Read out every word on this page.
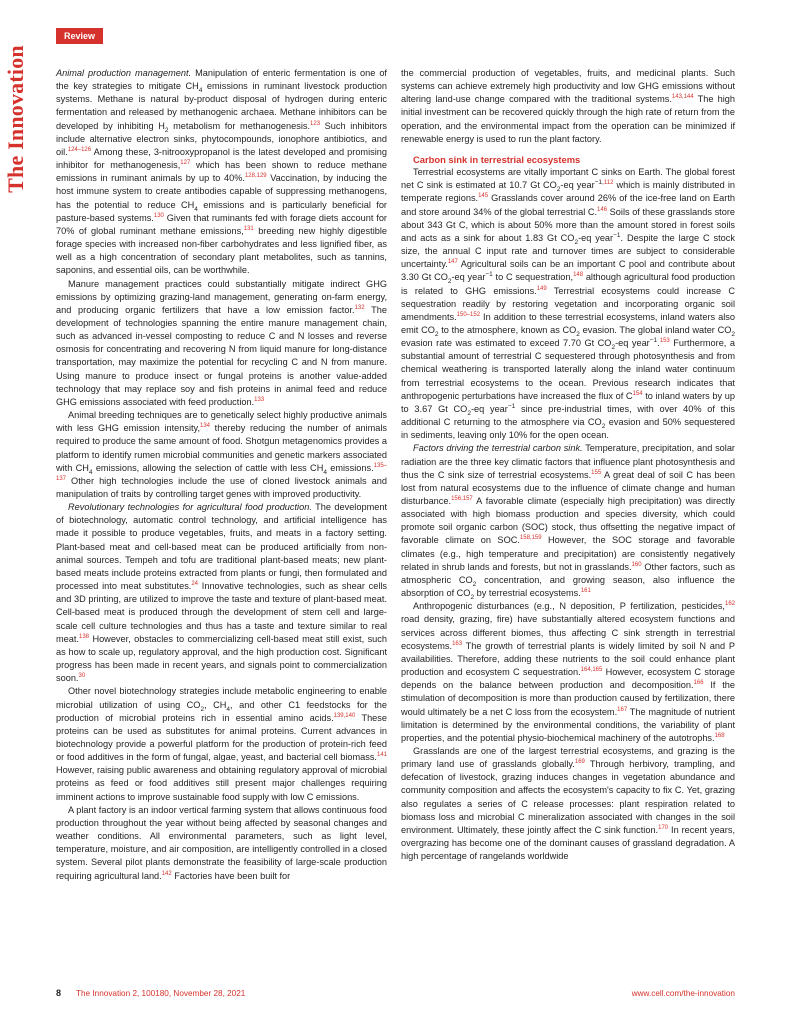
The Innovation
Review

Animal production management. Manipulation of enteric fermentation is one of the key strategies to mitigate $CH_4$ emissions in ruminant livestock production systems. Methane is natural by-product disposal of hydrogen during enteric fermentation and released by methanogenic archaea. Methane inhibitors can be developed by inhibiting $H_2$ metabolism for methanogenesis.$^{123}$ Such inhibitors include alternative electron sinks, phytocompounds, ionophore antibiotics, and oil.$^{124-126}$ Among these, 3-nitrooxypropanol is the latest developed and promising inhibitor for methanogenesis,$^{127}$ which has been shown to reduce methane emissions in ruminant animals by up to 40%.$^{128,129}$ Vaccination, by inducing the host immune system to create antibodies capable of suppressing methanogens, has the potential to reduce $CH_4$ emissions and is particularly beneficial for pasture-based systems.$^{130}$ Given that ruminants fed with forage diets account for 70% of global ruminant methane emissions,$^{131}$ breeding new highly digestible forage species with increased non-fiber carbohydrates and less lignified fiber, as well as a high concentration of secondary plant metabolites, such as tannins, saponins, and essential oils, can be worthwhile.

Manure management practices could substantially mitigate indirect GHG emissions by optimizing grazing-land management, generating on-farm energy, and producing organic fertilizers that have a low emission factor.$^{132}$ The development of technologies spanning the entire manure management chain, such as advanced in-vessel composting to reduce C and N losses and reverse osmosis for concentrating and recovering N from liquid manure for long-distance transportation, may maximize the potential for recycling C and N from manure. Using manure to produce insect or fungal proteins is another value-added technology that may replace soy and fish proteins in animal feed and reduce GHG emissions associated with feed production.$^{133}$

Animal breeding techniques are to genetically select highly productive animals with less GHG emission intensity,$^{134}$ thereby reducing the number of animals required to produce the same amount of food. Shotgun metagenomics provides a platform to identify rumen microbial communities and genetic markers associated with $CH_4$ emissions, allowing the selection of cattle with less $CH_4$ emissions.$^{135-137}$ Other high technologies include the use of cloned livestock animals and manipulation of traits by controlling target genes with improved productivity.

Revolutionary technologies for agricultural food production. The development of biotechnology, automatic control technology, and artificial intelligence has made it possible to produce vegetables, fruits, and meats in a factory setting. Plant-based meat and cell-based meat can be produced artificially from non-animal sources. Tempeh and tofu are traditional plant-based meats; new plant-based meats include proteins extracted from plants or fungi, then formulated and processed into meat substitutes.$^{24}$ Innovative technologies, such as shear cells and 3D printing, are utilized to improve the taste and texture of plant-based meat. Cell-based meat is produced through the development of stem cell and large-scale cell culture technologies and thus has a taste and texture similar to real meat.$^{138}$ However, obstacles to commercializing cell-based meat still exist, such as how to scale up, regulatory approval, and the high production cost. Significant progress has been made in recent years, and signals point to commercialization soon.$^{30}$

Other novel biotechnology strategies include metabolic engineering to enable microbial utilization of using $CO_2$, $CH_4$, and other C1 feedstocks for the production of microbial proteins rich in essential amino acids.$^{139,140}$ These proteins can be used as substitutes for animal proteins. Current advances in biotechnology provide a powerful platform for the production of protein-rich feed or food additives in the form of fungal, algae, yeast, and bacterial cell biomass.$^{141}$ However, raising public awareness and obtaining regulatory approval of microbial proteins as feed or food additives still present major challenges requiring imminent actions to improve sustainable food supply with low C emissions.

A plant factory is an indoor vertical farming system that allows continuous food production throughout the year without being affected by seasonal changes and weather conditions. All environmental parameters, such as light level, temperature, moisture, and air composition, are intelligently controlled in a closed system. Several pilot plants demonstrate the feasibility of large-scale production requiring agricultural land.$^{142}$ Factories have been built for

the commercial production of vegetables, fruits, and medicinal plants. Such systems can achieve extremely high productivity and low GHG emissions without altering land-use change compared with the traditional systems.$^{143,144}$ The high initial investment can be recovered quickly through the high rate of return from the operation, and the environmental impact from the operation can be minimized if renewable energy is used to run the plant factory.

Carbon sink in terrestrial ecosystems

Terrestrial ecosystems are vitally important C sinks on Earth. The global forest net C sink is estimated at 10.7 Gt $CO_2-eq$ year$^{-1,112}$ which is mainly distributed in temperate regions.$^{145}$ Grasslands cover around 26% of the ice-free land on Earth and store around 34% of the global terrestrial C.$^{146}$ Soils of these grasslands store about 343 Gt C, which is about 50% more than the amount stored in forest soils and acts as a sink for about 1.83 Gt $CO_2-eq$ year$^{-1}$. Despite the large C stock size, the annual C input rate and turnover times are subject to considerable uncertainty.$^{147}$ Agricultural soils can be an important C pool and contribute about 3.30 Gt $CO_2-eq$ year$^{-1}$ to C sequestration,$^{148}$ although agricultural food production is related to GHG emissions.$^{149}$ Terrestrial ecosystems could increase C sequestration readily by restoring vegetation and incorporating organic soil amendments.$^{150-152}$ In addition to these terrestrial ecosystems, inland waters also emit $CO_2$ to the atmosphere, known as $CO_2$ evasion. The global inland water $CO_2$ evasion rate was estimated to exceed 7.70 Gt $CO_2-eq$ year$^{-1}$.$^{153}$ Furthermore, a substantial amount of terrestrial C sequestered through photosynthesis and from chemical weathering is transported laterally along the inland water continuum from terrestrial ecosystems to the ocean. Previous research indicates that anthropogenic perturbations have increased the flux of $C^{154}$ to inland waters by up to 3.67 Gt $CO_2-eq$ year$^{-1}$ since pre-industrial times, with over 40% of this additional C returning to the atmosphere via $CO_2$ evasion and 50% sequestered in sediments, leaving only 10% for the open ocean.

Factors driving the terrestrial carbon sink. Temperature, precipitation, and solar radiation are the three key climatic factors that influence plant photosynthesis and thus the C sink size of terrestrial ecosystems.$^{155}$ A great deal of soil C has been lost from natural ecosystems due to the influence of climate change and human disturbance.$^{156,157}$ A favorable climate (especially high precipitation) was directly associated with high biomass production and species diversity, which could promote soil organic carbon (SOC) stock, thus offsetting the negative impact of favorable climate on SOC.$^{158,159}$ However, the SOC storage and favorable climates (e.g., high temperature and precipitation) are consistently negatively related in shrub lands and forests, but not in grasslands.$^{160}$ Other factors, such as atmospheric $CO_2$ concentration, and growing season, also influence the absorption of $CO_2$ by terrestrial ecosystems.$^{161}$

Anthropogenic disturbances (e.g., N deposition, P fertilization, pesticides,$^{162}$ road density, grazing, fire) have substantially altered ecosystem functions and services across different biomes, thus affecting C sink strength in terrestrial ecosystems.$^{163}$ The growth of terrestrial plants is widely limited by soil N and P availabilities. Therefore, adding these nutrients to the soil could enhance plant production and ecosystem C sequestration.$^{164,165}$ However, ecosystem C storage depends on the balance between production and decomposition.$^{166}$ If the stimulation of decomposition is more than production caused by fertilization, there would ultimately be a net C loss from the ecosystem.$^{167}$ The magnitude of nutrient limitation is determined by the environmental conditions, the variability of plant properties, and the potential physio-biochemical machinery of the autotrophs.$^{168}$

Grasslands are one of the largest terrestrial ecosystems, and grazing is the primary land use of grasslands globally.$^{169}$ Through herbivory, trampling, and defecation of livestock, grazing induces changes in vegetation abundance and community composition and affects the ecosystem's capacity to fix C. Yet, grazing also regulates a series of C release processes: plant respiration related to biomass loss and microbial C mineralization associated with changes in the soil environment. Ultimately, these jointly affect the C sink function.$^{170}$ In recent years, overgrazing has become one of the dominant causes of grassland degradation. A high percentage of rangelands worldwide

8 The Innovation 2, 100180, November 28, 2021	www.cell.com/the-innovation
